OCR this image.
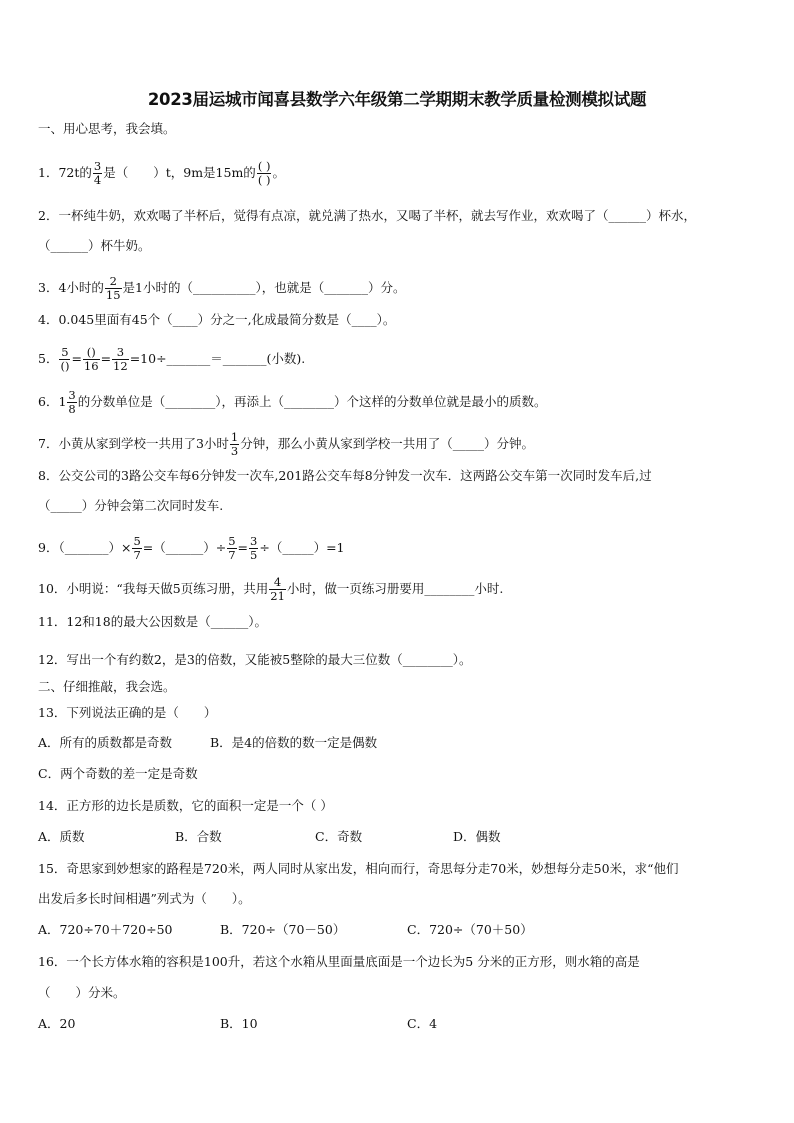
2023届运城市闻喜县数学六年级第二学期期末教学质量检测模拟试题
一、用心思考，我会填。
1．72t的 $\frac{3}{4}$ 是（　　）t，9m是15m的 $\frac{( )}{( )}$ 。
2．一杯纯牛奶，欢欢喝了半杯后，觉得有点凉，就兑满了热水，又喝了半杯，就去写作业，欢欢喝了（______）杯水，
（______）杯牛奶。
3．4小时的 $\frac{2}{15}$ 是1小时的（__________），也就是（_______）分。
4．0.045里面有45个（____）分之一,化成最简分数是（____）。
5． $\frac{5}{()} = \frac{()}{16} = \frac{3}{12}$ =10÷_______＝_______(小数).
6．$1 \frac{3}{8}$ 的分数单位是（________），再添上（________）个这样的分数单位就是最小的质数。
7．小黄从家到学校一共用了3小时 $\frac{1}{3}$ 分钟，那么小黄从家到学校一共用了（_____）分钟。
8．公交公司的3路公交车每6分钟发一次车,201路公交车每8分钟发一次车．这两路公交车第一次同时发车后,过
（_____）分钟会第二次同时发车.
9．（_______）× $\frac{5}{7}$ =（______）÷ $\frac{5}{7} = \frac{3}{5}$ ÷（_____）=1
10．小明说：“我每天做5页练习册，共用 $\frac{4}{21}$ 小时，做一页练习册要用________小时.
11．12和18的最大公因数是（______）。
12．写出一个有约数2，是3的倍数，又能被5整除的最大三位数（________）。
二、仔细推敲，我会选。
13．下列说法正确的是（　　）
A．所有的质数都是奇数	B．是4的倍数的数一定是偶数
C．两个奇数的差一定是奇数
14．正方形的边长是质数，它的面积一定是一个（ ）
A．质数	B．合数	C．奇数	D．偶数
15．奇思家到妙想家的路程是720米，两人同时从家出发，相向而行，奇思每分走70米，妙想每分走50米，求“他们
出发后多长时间相遇”列式为（　　）。
A．720÷70＋720÷50	B．720÷（70－50）	C．720÷（70＋50）
16．一个长方体水箱的容积是100升，若这个水箱从里面量底面是一个边长为5 分米的正方形，则水箱的高是
（　　）分米。
A．20	B．10	C．4
